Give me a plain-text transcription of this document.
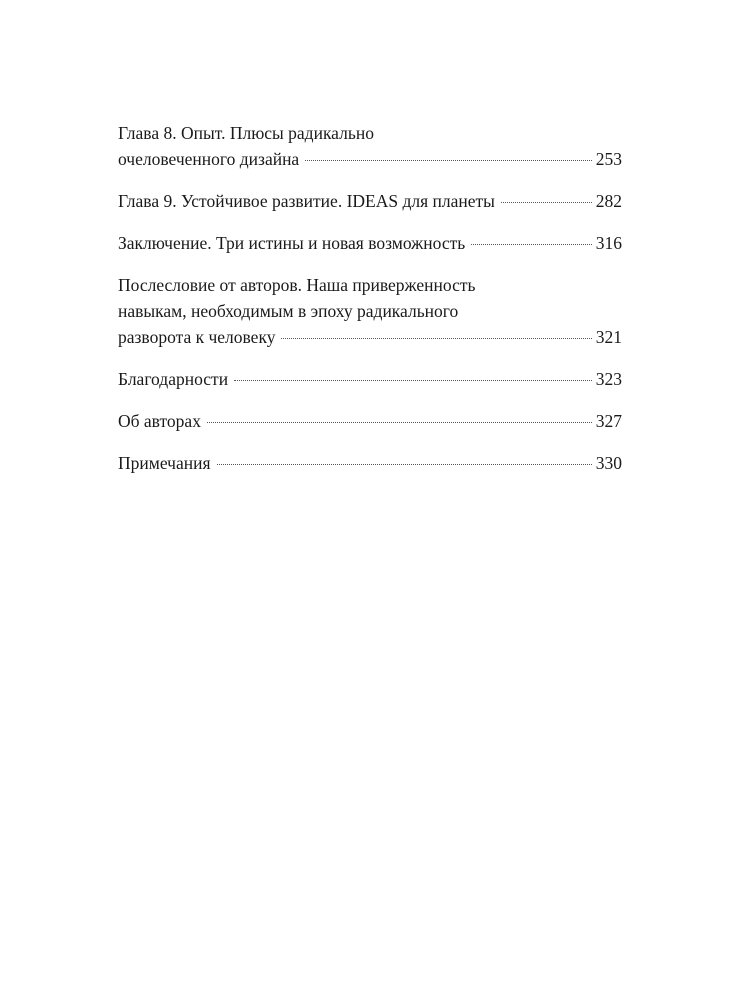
Глава 8. Опыт. Плюсы радикально
очеловеченного дизайна	253
Глава 9. Устойчивое развитие. IDEAS для планеты	282
Заключение. Три истины и новая возможность	316
Послесловие от авторов. Наша приверженность
навыкам, необходимым в эпоху радикального
разворота к человеку	321
Благодарности	323
Об авторах	327
Примечания	330
